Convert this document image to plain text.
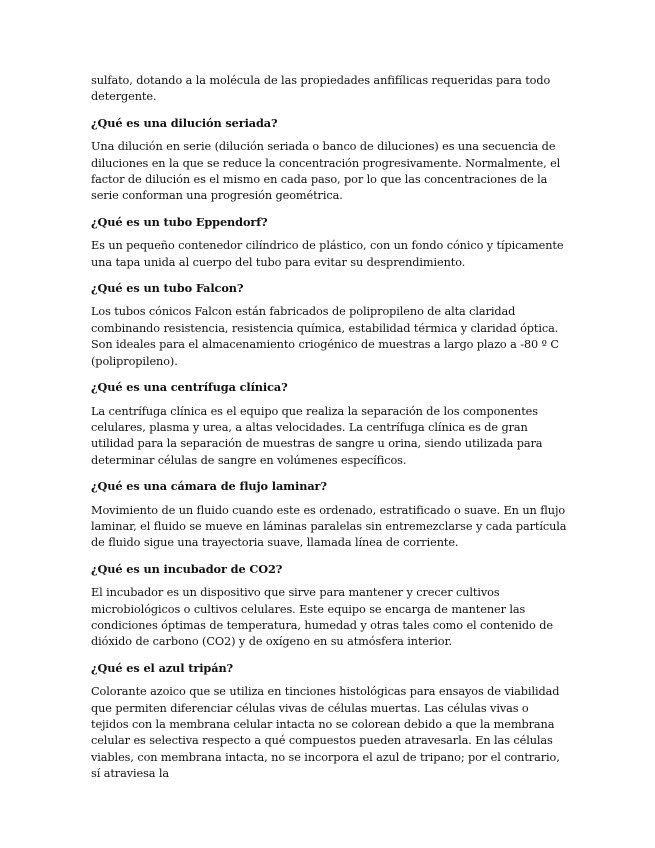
sulfato, dotando a la molécula de las propiedades anfifílicas requeridas para todo detergente.

¿Qué es una dilución seriada?

Una dilución en serie (dilución seriada o banco de diluciones) es una secuencia de diluciones en la que se reduce la concentración progresivamente. Normalmente, el factor de dilución es el mismo en cada paso, por lo que las concentraciones de la serie conforman una progresión geométrica.

¿Qué es un tubo Eppendorf?

Es un pequeño contenedor cilíndrico de plástico, con un fondo cónico y típicamente una tapa unida al cuerpo del tubo para evitar su desprendimiento.

¿Qué es un tubo Falcon?

Los tubos cónicos Falcon están fabricados de polipropileno de alta claridad combinando resistencia, resistencia química, estabilidad térmica y claridad óptica. Son ideales para el almacenamiento criogénico de muestras a largo plazo a -80 º C (polipropileno).

¿Qué es una centrífuga clínica?

La centrífuga clínica es el equipo que realiza la separación de los componentes celulares, plasma y urea, a altas velocidades. La centrífuga clínica es de gran utilidad para la separación de muestras de sangre u orina, siendo utilizada para determinar células de sangre en volúmenes específicos.

¿Qué es una cámara de flujo laminar?

Movimiento de un fluido cuando este es ordenado, estratificado o suave. En un flujo laminar, el fluido se mueve en láminas paralelas sin entremezclarse y cada partícula de fluido sigue una trayectoria suave, llamada línea de corriente.

¿Qué es un incubador de CO2?

El incubador es un dispositivo que sirve para mantener y crecer cultivos microbiológicos o cultivos celulares. Este equipo se encarga de mantener las condiciones óptimas de temperatura, humedad y otras tales como el contenido de dióxido de carbono (CO2) y de oxígeno en su atmósfera interior.

¿Qué es el azul tripán?

Colorante azoico que se utiliza en tinciones histológicas para ensayos de viabilidad que permiten diferenciar células vivas de células muertas. Las células vivas o tejidos con la membrana celular intacta no se colorean debido a que la membrana celular es selectiva respecto a qué compuestos pueden atravesarla. En las células viables, con membrana intacta, no se incorpora el azul de tripano; por el contrario, sí atraviesa la
